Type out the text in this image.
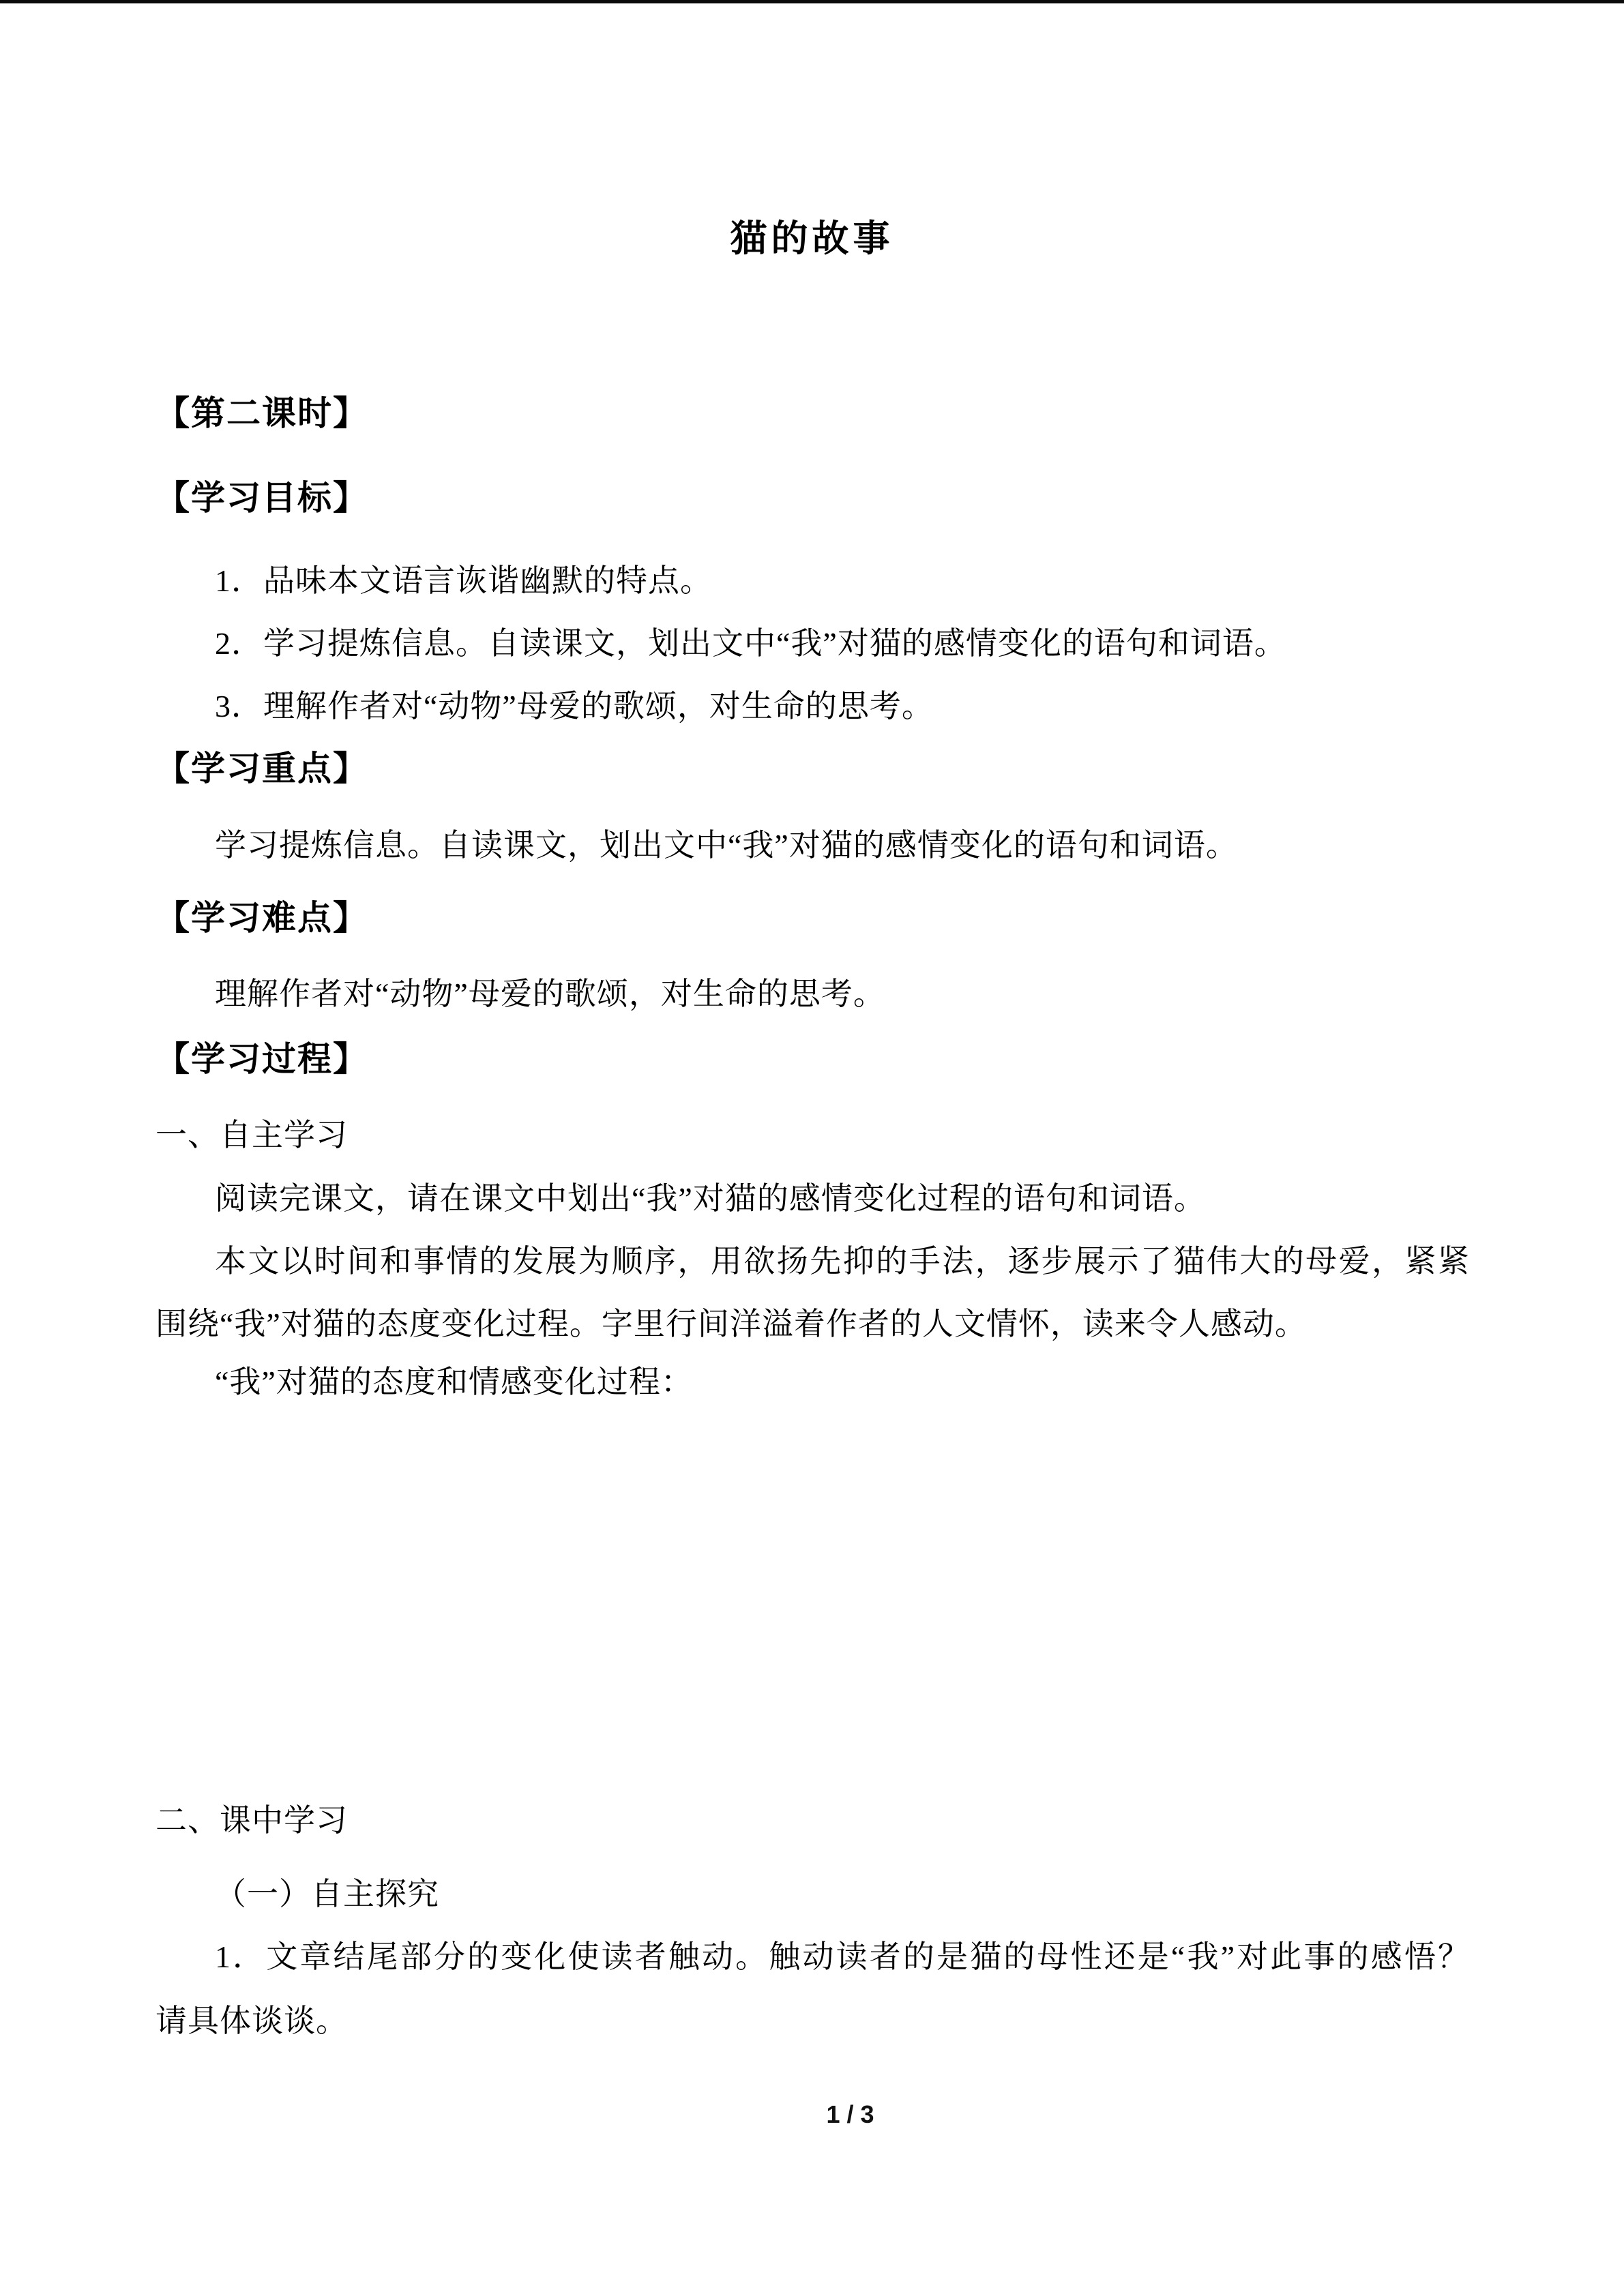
猫的故事
【第二课时】
【学习目标】
1．品味本文语言诙谐幽默的特点。
2．学习提炼信息。自读课文，划出文中“我”对猫的感情变化的语句和词语。
3．理解作者对“动物”母爱的歌颂，对生命的思考。
【学习重点】
学习提炼信息。自读课文，划出文中“我”对猫的感情变化的语句和词语。
【学习难点】
理解作者对“动物”母爱的歌颂，对生命的思考。
【学习过程】
一、自主学习
阅读完课文，请在课文中划出“我”对猫的感情变化过程的语句和词语。
本文以时间和事情的发展为顺序，用欲扬先抑的手法，逐步展示了猫伟大的母爱，紧紧
围绕“我”对猫的态度变化过程。字里行间洋溢着作者的人文情怀，读来令人感动。
“我”对猫的态度和情感变化过程：
二、课中学习
（一）自主探究
1．文章结尾部分的变化使读者触动。触动读者的是猫的母性还是“我”对此事的感悟？
请具体谈谈。
1 / 3
